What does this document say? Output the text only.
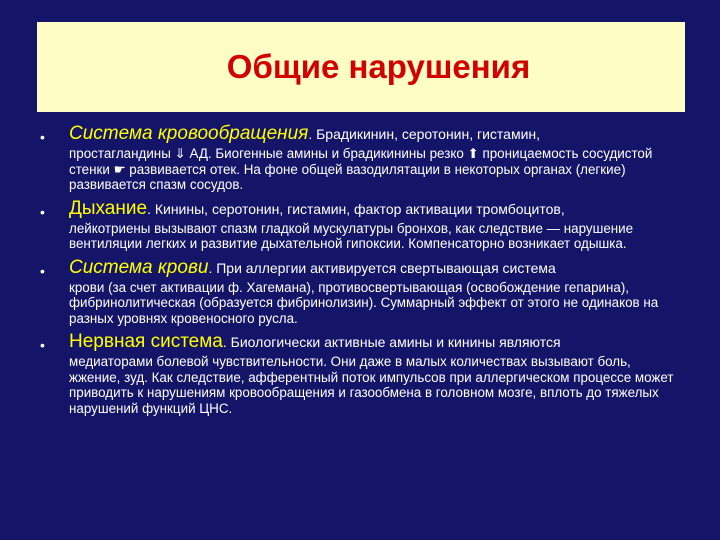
Общие нарушения
• Система кровообращения. Брадикинин, серотонин, гистамин,
простагландины ⇓ АД. Биогенные амины и брадикинины резко ⬆ проницаемость сосудистой стенки ☛ развивается отек. На фоне общей вазодилятации в некоторых органах (легкие) развивается спазм сосудов.
• Дыхание. Кинины, серотонин, гистамин, фактор активации тромбоцитов,
лейкотриены вызывают спазм гладкой мускулатуры бронхов, как следствие — нарушение вентиляции легких и развитие дыхательной гипоксии. Компенсаторно возникает одышка.
• Система крови. При аллергии активируется свертывающая система
крови (за счет активации ф. Хагемана), противосвертывающая (освобождение гепарина), фибринолитическая (образуется фибринолизин). Суммарный эффект от этого не одинаков на разных уровнях кровеносного русла.
• Нервная система. Биологически активные амины и кинины являются
медиаторами болевой чувствительности. Они даже в малых количествах вызывают боль, жжение, зуд. Как следствие, афферентный поток импульсов при аллергическом процессе может приводить к нарушениям кровообращения и газообмена в головном мозге, вплоть до тяжелых нарушений функций ЦНС.
